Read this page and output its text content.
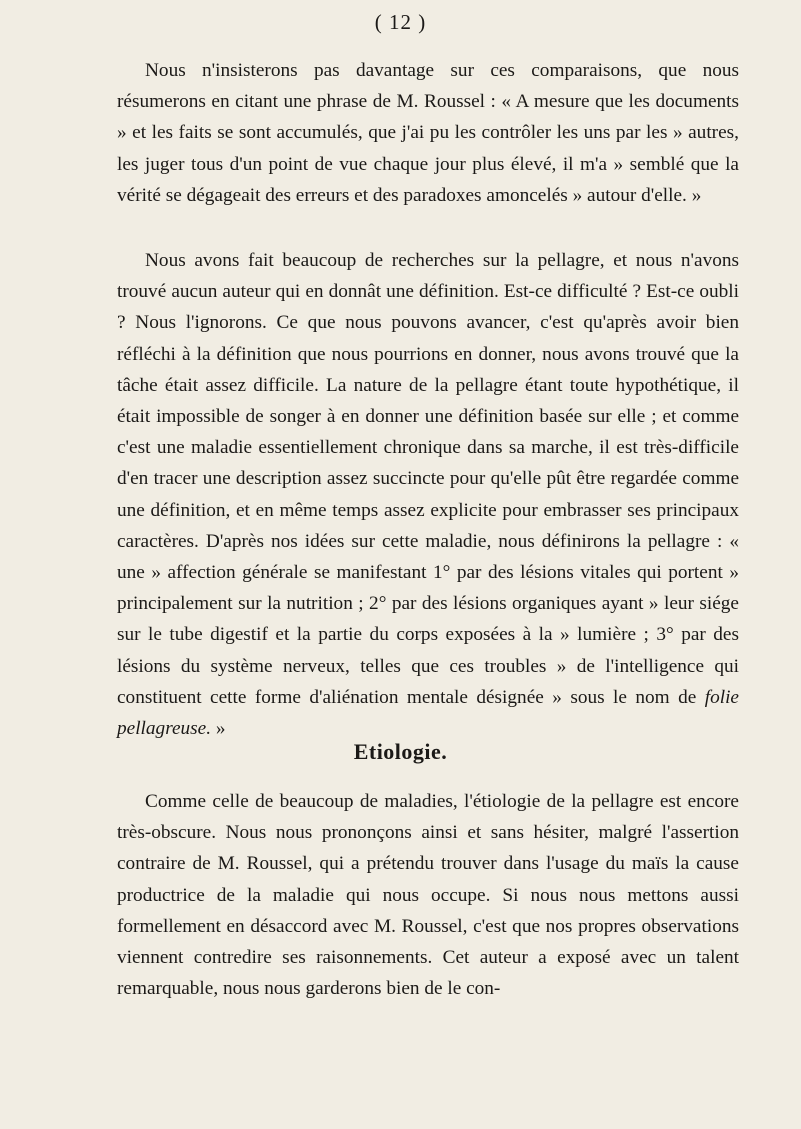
( 12 )

Nous n'insisterons pas davantage sur ces comparaisons, que nous résumerons en citant une phrase de M. Roussel : « A mesure que les documents » et les faits se sont accumulés, que j'ai pu les contrôler les uns par les » autres, les juger tous d'un point de vue chaque jour plus élevé, il m'a » semblé que la vérité se dégageait des erreurs et des paradoxes amoncelés » autour d'elle. »

Nous avons fait beaucoup de recherches sur la pellagre, et nous n'avons trouvé aucun auteur qui en donnât une définition. Est-ce difficulté ? Est-ce oubli ? Nous l'ignorons. Ce que nous pouvons avancer, c'est qu'après avoir bien réfléchi à la définition que nous pourrions en donner, nous avons trouvé que la tâche était assez difficile. La nature de la pellagre étant toute hypothétique, il était impossible de songer à en donner une définition basée sur elle ; et comme c'est une maladie essentiellement chronique dans sa marche, il est très-difficile d'en tracer une description assez succincte pour qu'elle pût être regardée comme une définition, et en même temps assez explicite pour embrasser ses principaux caractères. D'après nos idées sur cette maladie, nous définirons la pellagre : « une » affection générale se manifestant 1° par des lésions vitales qui portent » principalement sur la nutrition ; 2° par des lésions organiques ayant » leur siége sur le tube digestif et la partie du corps exposées à la » lumière ; 3° par des lésions du système nerveux, telles que ces troubles » de l'intelligence qui constituent cette forme d'aliénation mentale désignée » sous le nom de folie pellagreuse. »

Etiologie.

Comme celle de beaucoup de maladies, l'étiologie de la pellagre est encore très-obscure. Nous nous prononçons ainsi et sans hésiter, malgré l'assertion contraire de M. Roussel, qui a prétendu trouver dans l'usage du maïs la cause productrice de la maladie qui nous occupe. Si nous nous mettons aussi formellement en désaccord avec M. Roussel, c'est que nos propres observations viennent contredire ses raisonnements. Cet auteur a exposé avec un talent remarquable, nous nous garderons bien de le con-
